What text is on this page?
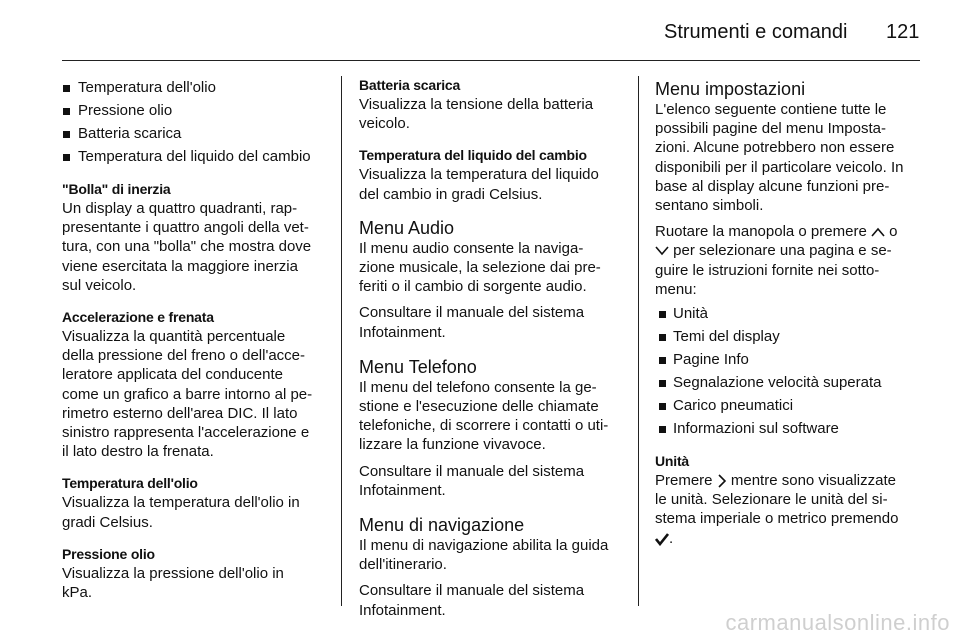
Strumenti e comandi 121
Temperatura dell'olio
Pressione olio
Batteria scarica
Temperatura del liquido del cambio
"Bolla" di inerzia
Un display a quattro quadranti, rap-
presentante i quattro angoli della vet-
tura, con una "bolla" che mostra dove
viene esercitata la maggiore inerzia
sul veicolo.
Accelerazione e frenata
Visualizza la quantità percentuale
della pressione del freno o dell'acce-
leratore applicata del conducente
come un grafico a barre intorno al pe-
rimetro esterno dell'area DIC. Il lato
sinistro rappresenta l'accelerazione e
il lato destro la frenata.
Temperatura dell'olio
Visualizza la temperatura dell'olio in
gradi Celsius.
Pressione olio
Visualizza la pressione dell'olio in
kPa.
Batteria scarica
Visualizza la tensione della batteria
veicolo.
Temperatura del liquido del cambio
Visualizza la temperatura del liquido
del cambio in gradi Celsius.
Menu Audio
Il menu audio consente la naviga-
zione musicale, la selezione dai pre-
feriti o il cambio di sorgente audio.
Consultare il manuale del sistema
Infotainment.
Menu Telefono
Il menu del telefono consente la ge-
stione e l'esecuzione delle chiamate
telefoniche, di scorrere i contatti o uti-
lizzare la funzione vivavoce.
Consultare il manuale del sistema
Infotainment.
Menu di navigazione
Il menu di navigazione abilita la guida
dell'itinerario.
Consultare il manuale del sistema
Infotainment.
Menu impostazioni
L'elenco seguente contiene tutte le
possibili pagine del menu Imposta-
zioni. Alcune potrebbero non essere
disponibili per il particolare veicolo. In
base al display alcune funzioni pre-
sentano simboli.
Ruotare la manopola o premere o
per selezionare una pagina e se-
guire le istruzioni fornite nei sotto-
menu:
Unità
Temi del display
Pagine Info
Segnalazione velocità superata
Carico pneumatici
Informazioni sul software
Unità
Premere mentre sono visualizzate
le unità. Selezionare le unità del si-
stema imperiale o metrico premendo
.
carmanualsonline.info
